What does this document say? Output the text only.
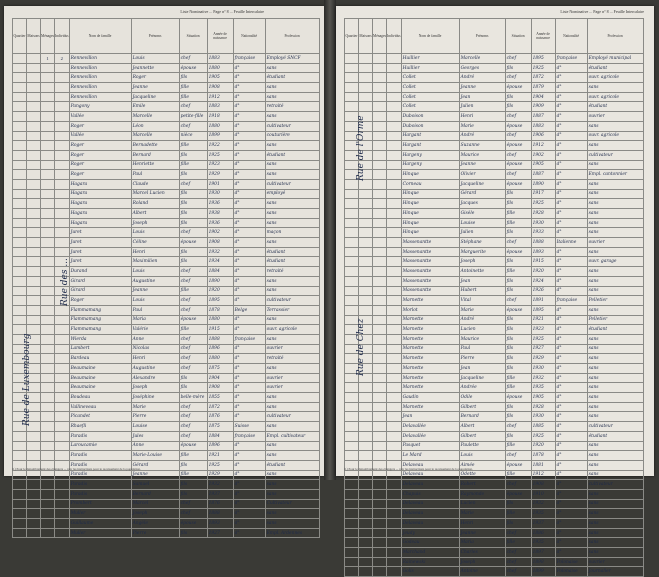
Liste Nominative ... Page n° 8 ... Feuille Intercalaire
Quartier	Maisons	Ménages	Individus	Nom de famille	Prénoms	Situation	Année de naissance	Nationalité	Profession
		1	2	Rennevillon	Louis	chef	1883	française	Employé SNCF
				Rennevillon	Jeannette	épouse	1880	d°	sans
				Rennevillon	Roger	fils	1905	d°	étudiant
				Rennevillon	Jeanne	fille	1908	d°	sans
				Rennevillon	Jacqueline	fille	1912	d°	sans
				Pangony	Emile	chef	1883	d°	retraité
				Vallée	Marcelle	petite-fille	1918	d°	sans
				Roger	Léon	chef	1880	d°	cultivateur
				Vallée	Marcelle	nièce	1899	d°	couturière
				Roger	Bernadette	fille	1922	d°	sans
				Roger	Bernard	fils	1925	d°	étudiant
				Roger	Henriette	fille	1923	d°	sans
				Roger	Paul	fils	1929	d°	sans
				Hagara	Claude	chef	1901	d°	cultivateur
				Hagara	Marcel Lucien	fils	1930	d°	employé
				Hagara	Roland	fils	1936	d°	sans
				Hagara	Albert	fils	1938	d°	sans
				Hagara	Joseph	fils	1936	d°	sans
				Juret	Louis	chef	1902	d°	maçon
				Juret	Céline	épouse	1908	d°	sans
				Juret	Henri	fils	1932	d°	étudiant
				Juret	Maximilien	fils	1934	d°	étudiant
				Durand	Louis	chef	1884	d°	retraité
				Girard	Augustine	chef	1890	d°	sans
				Girard	Jeanne	fille	1920	d°	sans
				Roger	Louis	chef	1895	d°	cultivateur
				Flammamang	Paul	chef	1878	Belge	Terrassier
				Flammamang	Maria	épouse	1880	d°	sans
				Flammamang	Valérie	fille	1915	d°	ouvr. agricole
				Wierda	Anne	chef	1888	française	sans
				Lambert	Nicolas	chef	1896	d°	ouvrier
				Bardeau	Henri	chef	1880	d°	retraité
				Beaumaine	Augustine	chef	1875	d°	sans
				Beaumaine	Alexandre	fils	1904	d°	ouvrier
				Beaumaine	Joseph	fils	1908	d°	ouvrier
				Boudeau	Joséphine	belle-mère	1855	d°	sans
				Vallineveau	Marie	chef	1872	d°	sans
				Picandet	Pierre	chef	1876	d°	cultivateur
				Rhaefli	Louise	chef	1875	Suisse	sans
				Paradis	Jules	chef	1884	française	Empl. cultivateur
				Laroucamie	Anne	épouse	1896	d°	sans
				Paradis	Marie-Louise	fille	1921	d°	sans
				Paradis	Gérard	fils	1925	d°	étudiant
				Paradis	Jeanne	fille	1929	d°	sans
				Paradis	Samuel	fils	1932	d°	sans
				Paradis	Bernard	fils	1937	d°	sans
				Prombert	Marcel	chef	1876	d°	Cultivateur
				Muller	Joseph	chef	1888	d°	sans
				Guillaume	Angèle	épouse	1893	d°	sans
				Muller	Pierre	fils	1927	d°	Empl. Ardennes
Rue des ...
Rue de Luxembourg
(1) Pour le dénombrement des étrangers ... voir les instructions pour le recensement de la population.
Liste Nominative ... Page n° 8 ... Feuille Intercalaire
Quartier	Maisons	Ménages	Individus	Nom de famille	Prénoms	Situation	Année de naissance	Nationalité	Profession
				Huillier	Marcelle	chef	1895	française	Employé municipal
				Huillier	Georges	fils	1925	d°	étudiant
				Collet	André	chef	1872	d°	ouvr. agricole
				Collet	Jeanne	épouse	1879	d°	sans
				Collet	Jean	fils	1904	d°	ouvr. agricole
				Collet	Julien	fils	1909	d°	étudiant
				Duboison	Henri	chef	1887	d°	ouvrier
				Duboison	Marie	épouse	1883	d°	sans
				Hargant	André	chef	1906	d°	ouvr. agricole
				Hargant	Suzanne	épouse	1912	d°	sans
				Hargeny	Maurice	chef	1902	d°	cultivateur
				Hargeny	Jeanne	épouse	1905	d°	sans
				Hinque	Olivier	chef	1887	d°	Empl. cantonnier
				Corneau	Jacqueline	épouse	1890	d°	sans
				Hinque	Gérard	fils	1917	d°	sans
				Hinque	Jacques	fils	1925	d°	sans
				Hinque	Gisèle	fille	1928	d°	sans
				Hinque	Louise	fille	1930	d°	sans
				Hinque	Julien	fils	1933	d°	sans
				Massenantte	Stéphane	chef	1888	Italienne	ouvrier
				Massenantte	Marguerite	épouse	1893	d°	sans
				Massenantte	Joseph	fils	1915	d°	ouvr. garage
				Massenantte	Antoinette	fille	1920	d°	sans
				Massenantte	Jean	fils	1924	d°	sans
				Massenantte	Hubert	fils	1926	d°	sans
				Marnette	Vital	chef	1891	française	Pelletier
				Morlot	Marie	épouse	1895	d°	sans
				Marnette	André	fils	1921	d°	Pelletier
				Marnette	Lucien	fils	1923	d°	étudiant
				Marnette	Maurice	fils	1925	d°	sans
				Marnette	Paul	fils	1927	d°	sans
				Marnette	Pierre	fils	1929	d°	sans
				Marnette	Jean	fils	1930	d°	sans
				Marnette	Jacqueline	fille	1932	d°	sans
				Marnette	Andrée	fille	1935	d°	sans
				Gaudin	Odile	épouse	1905	d°	sans
				Marnette	Gilbert	fils	1928	d°	sans
				Jean	Bernard	fils	1930	d°	sans
				Delavallée	Albert	chef	1885	d°	cultivateur
				Delavallée	Gilbert	fils	1925	d°	étudiant
				Pasquet	Paulette	fille	1920	d°	sans
				Le Mard	Louis	chef	1878	d°	sans
				Delaveau	Aimée	épouse	1881	d°	sans
				Delaveau	Odette	fille	1912	d°	sans
				Delaveau	Robert	chef	1908	d°	cultivateur
				Chapuis	Raymonde	épouse	1910	d°	sans
				Delaveau	Lucien	fils	1932	d°	sans
				Delaveau	Marie	fille	1935	d°	sans
				Delaveau	Henri	fils	1937	d°	sans
				Jeudy	Jeanne	chef	1886	d°	sans
				Godeau	Maria	fille	1935	d°	sans
				Marchand	Charles	chef	1897	d°	sans
				Rainewski	Joseph	chef	1898	Polonaise	ouvrier
				Golis	Antoine	chef	1899	Polonaise	Journalier
Rue de l'Orme
Rue de Chez
(1) Pour le dénombrement des étrangers ... voir les instructions pour le recensement de la population.
